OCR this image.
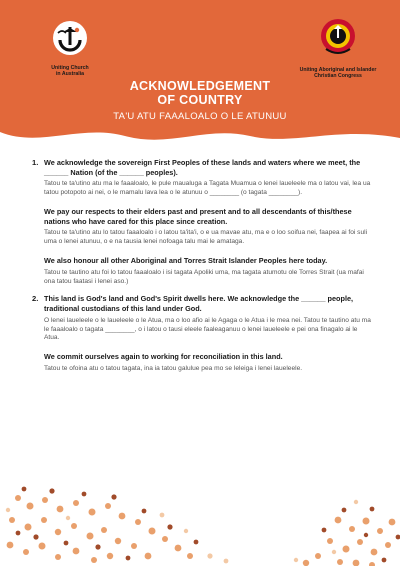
Uniting Church
in Australia
Uniting Aboriginal and Islander
Christian Congress
ACKNOWLEDGEMENT
OF COUNTRY
TA'U ATU FAAALOALO O LE ATUNUU
1. We acknowledge the sovereign First Peoples of these lands and waters where we meet, the ______ Nation (of the ______ peoples).

Tatou te ta'utino atu ma le faaaloalo, le pule maualuga a Tagata Muamua o lenei laueleele ma o latou vai, lea ua tatou potopoto ai nei, o le mamalu lava lea o le atunuu o ________ (o tagata ________).

We pay our respects to their elders past and present and to all descendants of this/these nations who have cared for this place since creation.

Tatou te ta'utino atu lo tatou faaaloalo i o latou ta'ita'i, o e ua mavae atu, ma e o loo soifua nei, faapea ai foi suli uma o lenei atunuu, o e na tausia lenei nofoaga talu mai le amataga.

We also honour all other Aboriginal and Torres Strait Islander Peoples here today.

Tatou te tautino atu foi lo tatou faaaloalo i isi tagata Apoliki uma, ma tagata atumotu ole Torres Strait (ua mafai ona tatou faatasi i lenei aso.)

2. This land is God's land and God's Spirit dwells here. We acknowledge the ______ people, traditional custodians of this land under God.

O lenei laueleele o le laueleele o le Atua, ma o loo afio ai le Agaga o le Atua i le mea nei. Tatou te tautino atu ma le faaaloalo o tagata ________, o i latou o tausi eleele faaleaganuu o lenei laueleele e pei ona finagalo ai le Atua.

We commit ourselves again to working for reconciliation in this land.

Tatou te ofoina atu o tatou tagata, ina ia tatou galulue pea mo se leleiga i lenei laueleele.
